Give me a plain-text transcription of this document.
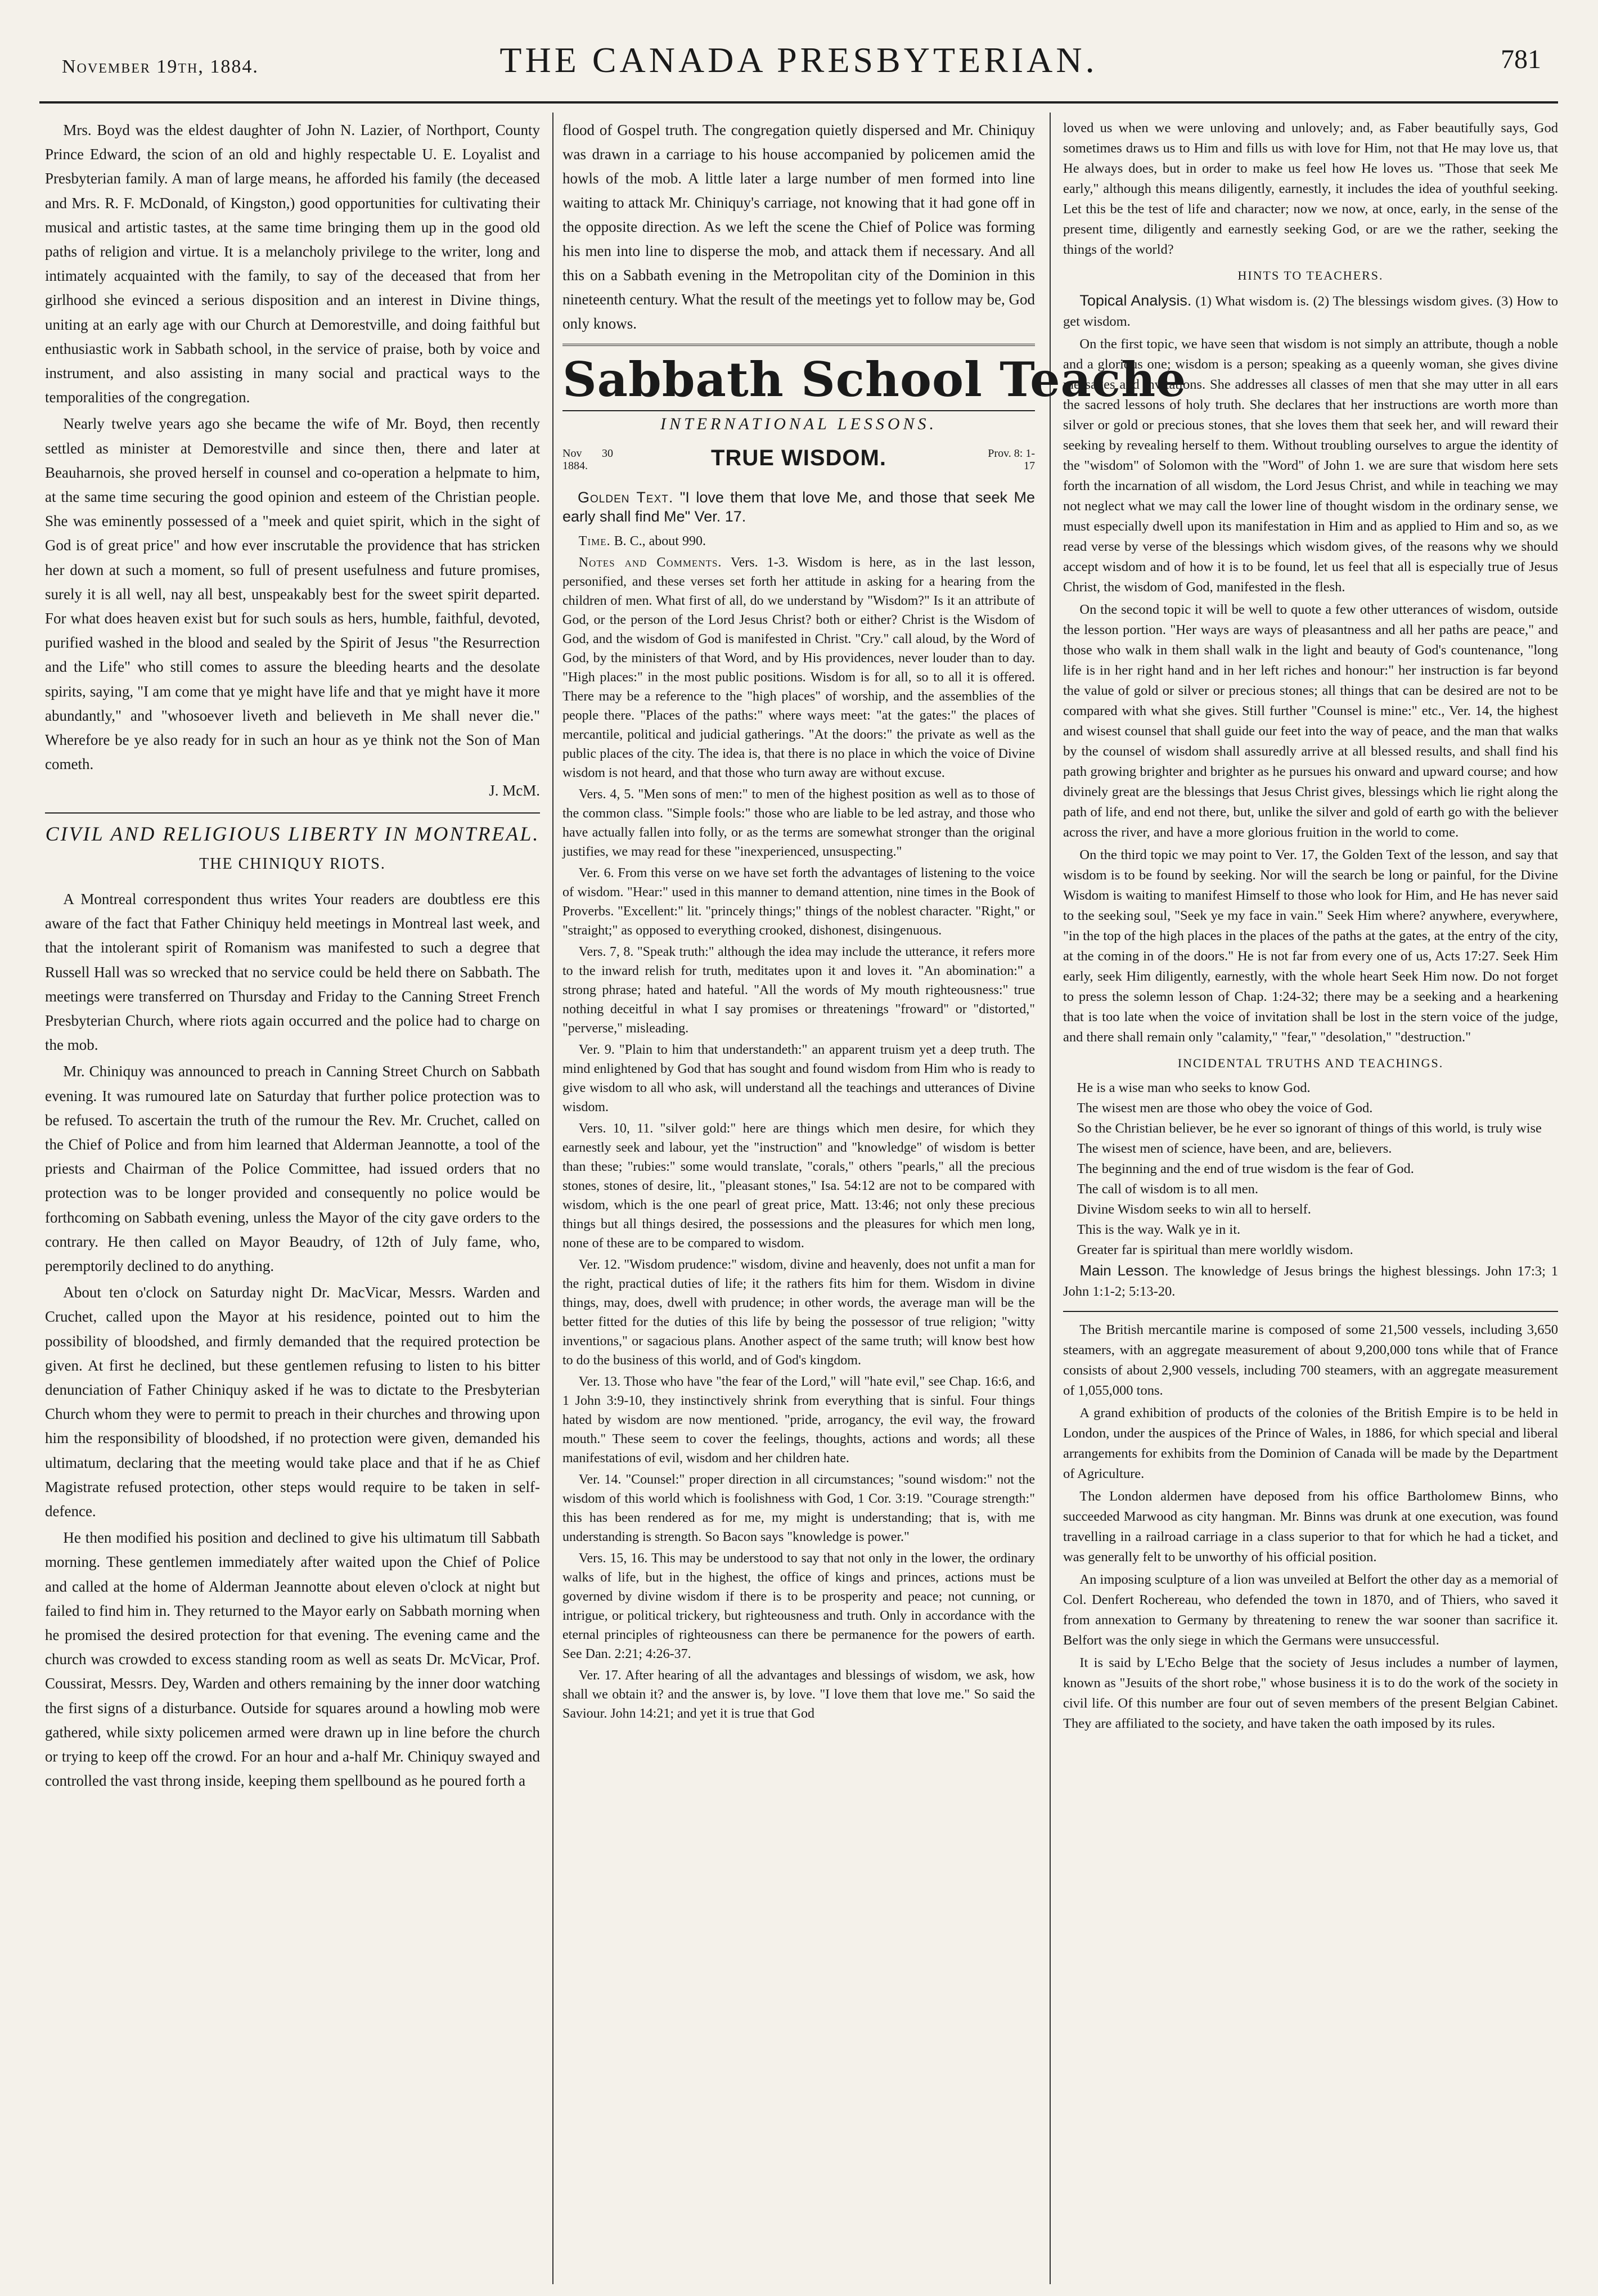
November 19th, 1884.	THE CANADA PRESBYTERIAN.	781

Mrs. Boyd was the eldest daughter of John N. Lazier, of Northport, County Prince Edward, the scion of an old and highly respectable U. E. Loyalist and Presbyterian family. A man of large means, he afforded his family (the deceased and Mrs. R. F. McDonald, of Kingston,) good opportunities for cultivating their musical and artistic tastes, at the same time bringing them up in the good old paths of religion and virtue. It is a melancholy privilege to the writer, long and intimately acquainted with the family, to say of the deceased that from her girlhood she evinced a serious disposition and an interest in Divine things, uniting at an early age with our Church at Demorestville, and doing faithful but enthusiastic work in Sabbath school, in the service of praise, both by voice and instrument, and also assisting in many social and practical ways to the temporalities of the congregation.

Nearly twelve years ago she became the wife of Mr. Boyd, then recently settled as minister at Demorestville and since then, there and later at Beauharnois, she proved herself in counsel and co-operation a helpmate to him, at the same time securing the good opinion and esteem of the Christian people. She was eminently possessed of a "meek and quiet spirit, which in the sight of God is of great price" and how ever inscrutable the providence that has stricken her down at such a moment, so full of present usefulness and future promises, surely it is all well, nay all best, unspeakably best for the sweet spirit departed. For what does heaven exist but for such souls as hers, humble, faithful, devoted, purified washed in the blood and sealed by the Spirit of Jesus "the Resurrection and the Life" who still comes to assure the bleeding hearts and the desolate spirits, saying, "I am come that ye might have life and that ye might have it more abundantly," and "whosoever liveth and believeth in Me shall never die." Wherefore be ye also ready for in such an hour as ye think not the Son of Man cometh.

J. McM.

CIVIL AND RELIGIOUS LIBERTY IN MONTREAL.

THE CHINIQUY RIOTS.

A Montreal correspondent thus writes Your readers are doubtless ere this aware of the fact that Father Chiniquy held meetings in Montreal last week, and that the intolerant spirit of Romanism was manifested to such a degree that Russell Hall was so wrecked that no service could be held there on Sabbath. The meetings were transferred on Thursday and Friday to the Canning Street French Presbyterian Church, where riots again occurred and the police had to charge on the mob.

Mr. Chiniquy was announced to preach in Canning Street Church on Sabbath evening. It was rumoured late on Saturday that further police protection was to be refused. To ascertain the truth of the rumour the Rev. Mr. Cruchet, called on the Chief of Police and from him learned that Alderman Jeannotte, a tool of the priests and Chairman of the Police Committee, had issued orders that no protection was to be longer provided and consequently no police would be forthcoming on Sabbath evening, unless the Mayor of the city gave orders to the contrary. He then called on Mayor Beaudry, of 12th of July fame, who, peremptorily declined to do anything.

About ten o'clock on Saturday night Dr. MacVicar, Messrs. Warden and Cruchet, called upon the Mayor at his residence, pointed out to him the possibility of bloodshed, and firmly demanded that the required protection be given. At first he declined, but these gentlemen refusing to listen to his bitter denunciation of Father Chiniquy asked if he was to dictate to the Presbyterian Church whom they were to permit to preach in their churches and throwing upon him the responsibility of bloodshed, if no protection were given, demanded his ultimatum, declaring that the meeting would take place and that if he as Chief Magistrate refused protection, other steps would require to be taken in self-defence.

He then modified his position and declined to give his ultimatum till Sabbath morning. These gentlemen immediately after waited upon the Chief of Police and called at the home of Alderman Jeannotte about eleven o'clock at night but failed to find him in. They returned to the Mayor early on Sabbath morning when he promised the desired protection for that evening. The evening came and the church was crowded to excess standing room as well as seats Dr. McVicar, Prof. Coussirat, Messrs. Dey, Warden and others remaining by the inner door watching the first signs of a disturbance. Outside for squares around a howling mob were gathered, while sixty policemen armed were drawn up in line before the church or trying to keep off the crowd. For an hour and a-half Mr. Chiniquy swayed and controlled the vast throng inside, keeping them spellbound as he poured forth a

flood of Gospel truth. The congregation quietly dispersed and Mr. Chiniquy was drawn in a carriage to his house accompanied by policemen amid the howls of the mob. A little later a large number of men formed into line waiting to attack Mr. Chiniquy's carriage, not knowing that it had gone off in the opposite direction. As we left the scene the Chief of Police was forming his men into line to disperse the mob, and attack them if necessary. And all this on a Sabbath evening in the Metropolitan city of the Dominion in this nineteenth century. What the result of the meetings yet to follow may be, God only knows.

Sabbath School Teache

INTERNATIONAL LESSONS.

Nov 30 1884.	TRUE WISDOM.	Prov. 8: 1-17

Golden Text. "I love them that love Me, and those that seek Me early shall find Me" Ver. 17.

Time. B. C., about 990.

Notes and Comments. Vers. 1-3. Wisdom is here, as in the last lesson, personified, and these verses set forth her attitude in asking for a hearing from the children of men. What first of all, do we understand by "Wisdom?" Is it an attribute of God, or the person of the Lord Jesus Christ? both or either? Christ is the Wisdom of God, and the wisdom of God is manifested in Christ. "Cry." call aloud, by the Word of God, by the ministers of that Word, and by His providences, never louder than to day. "High places:" in the most public positions. Wisdom is for all, so to all it is offered. There may be a reference to the "high places" of worship, and the assemblies of the people there. "Places of the paths:" where ways meet: "at the gates:" the places of mercantile, political and judicial gatherings. "At the doors:" the private as well as the public places of the city. The idea is, that there is no place in which the voice of Divine wisdom is not heard, and that those who turn away are without excuse.

Vers. 4, 5. "Men sons of men:" to men of the highest position as well as to those of the common class. "Simple fools:" those who are liable to be led astray, and those who have actually fallen into folly, or as the terms are somewhat stronger than the original justifies, we may read for these "inexperienced, unsuspecting."

Ver. 6. From this verse on we have set forth the advantages of listening to the voice of wisdom. "Hear:" used in this manner to demand attention, nine times in the Book of Proverbs. "Excellent:" lit. "princely things;" things of the noblest character. "Right," or "straight;" as opposed to everything crooked, dishonest, disingenuous.

Vers. 7, 8. "Speak truth:" although the idea may include the utterance, it refers more to the inward relish for truth, meditates upon it and loves it. "An abomination:" a strong phrase; hated and hateful. "All the words of My mouth righteousness:" true nothing deceitful in what I say promises or threatenings "froward" or "distorted," "perverse," misleading.

Ver. 9. "Plain to him that understandeth:" an apparent truism yet a deep truth. The mind enlightened by God that has sought and found wisdom from Him who is ready to give wisdom to all who ask, will understand all the teachings and utterances of Divine wisdom.

Vers. 10, 11. "silver gold:" here are things which men desire, for which they earnestly seek and labour, yet the "instruction" and "knowledge" of wisdom is better than these; "rubies:" some would translate, "corals," others "pearls," all the precious stones, stones of desire, lit., "pleasant stones," Isa. 54:12 are not to be compared with wisdom, which is the one pearl of great price, Matt. 13:46; not only these precious things but all things desired, the possessions and the pleasures for which men long, none of these are to be compared to wisdom.

Ver. 12. "Wisdom prudence:" wisdom, divine and heavenly, does not unfit a man for the right, practical duties of life; it the rathers fits him for them. Wisdom in divine things, may, does, dwell with prudence; in other words, the average man will be the better fitted for the duties of this life by being the possessor of true religion; "witty inventions," or sagacious plans. Another aspect of the same truth; will know best how to do the business of this world, and of God's kingdom.

Ver. 13. Those who have "the fear of the Lord," will "hate evil," see Chap. 16:6, and 1 John 3:9-10, they instinctively shrink from everything that is sinful. Four things hated by wisdom are now mentioned. "pride, arrogancy, the evil way, the froward mouth." These seem to cover the feelings, thoughts, actions and words; all these manifestations of evil, wisdom and her children hate.

Ver. 14. "Counsel:" proper direction in all circumstances; "sound wisdom:" not the wisdom of this world which is foolishness with God, 1 Cor. 3:19. "Courage strength:" this has been rendered as for me, my might is understanding; that is, with me understanding is strength. So Bacon says "knowledge is power."

Vers. 15, 16. This may be understood to say that not only in the lower, the ordinary walks of life, but in the highest, the office of kings and princes, actions must be governed by divine wisdom if there is to be prosperity and peace; not cunning, or intrigue, or political trickery, but righteousness and truth. Only in accordance with the eternal principles of righteousness can there be permanence for the powers of earth. See Dan. 2:21; 4:26-37.

Ver. 17. After hearing of all the advantages and blessings of wisdom, we ask, how shall we obtain it? and the answer is, by love. "I love them that love me." So said the Saviour. John 14:21; and yet it is true that God

loved us when we were unloving and unlovely; and, as Faber beautifully says, God sometimes draws us to Him and fills us with love for Him, not that He may love us, that He always does, but in order to make us feel how He loves us. "Those that seek Me early," although this means diligently, earnestly, it includes the idea of youthful seeking. Let this be the test of life and character; now we now, at once, early, in the sense of the present time, diligently and earnestly seeking God, or are we the rather, seeking the things of the world?

HINTS TO TEACHERS.

Topical Analysis. (1) What wisdom is. (2) The blessings wisdom gives. (3) How to get wisdom.

On the first topic, we have seen that wisdom is not simply an attribute, though a noble and a glorious one; wisdom is a person; speaking as a queenly woman, she gives divine messages and invitations. She addresses all classes of men that she may utter in all ears the sacred lessons of holy truth. She declares that her instructions are worth more than silver or gold or precious stones, that she loves them that seek her, and will reward their seeking by revealing herself to them. Without troubling ourselves to argue the identity of the "wisdom" of Solomon with the "Word" of John 1. we are sure that wisdom here sets forth the incarnation of all wisdom, the Lord Jesus Christ, and while in teaching we may not neglect what we may call the lower line of thought wisdom in the ordinary sense, we must especially dwell upon its manifestation in Him and as applied to Him and so, as we read verse by verse of the blessings which wisdom gives, of the reasons why we should accept wisdom and of how it is to be found, let us feel that all is especially true of Jesus Christ, the wisdom of God, manifested in the flesh.

On the second topic it will be well to quote a few other utterances of wisdom, outside the lesson portion. "Her ways are ways of pleasantness and all her paths are peace," and those who walk in them shall walk in the light and beauty of God's countenance, "long life is in her right hand and in her left riches and honour:" her instruction is far beyond the value of gold or silver or precious stones; all things that can be desired are not to be compared with what she gives. Still further "Counsel is mine:" etc., Ver. 14, the highest and wisest counsel that shall guide our feet into the way of peace, and the man that walks by the counsel of wisdom shall assuredly arrive at all blessed results, and shall find his path growing brighter and brighter as he pursues his onward and upward course; and how divinely great are the blessings that Jesus Christ gives, blessings which lie right along the path of life, and end not there, but, unlike the silver and gold of earth go with the believer across the river, and have a more glorious fruition in the world to come.

On the third topic we may point to Ver. 17, the Golden Text of the lesson, and say that wisdom is to be found by seeking. Nor will the search be long or painful, for the Divine Wisdom is waiting to manifest Himself to those who look for Him, and He has never said to the seeking soul, "Seek ye my face in vain." Seek Him where? anywhere, everywhere, "in the top of the high places in the places of the paths at the gates, at the entry of the city, at the coming in of the doors." He is not far from every one of us, Acts 17:27. Seek Him early, seek Him diligently, earnestly, with the whole heart Seek Him now. Do not forget to press the solemn lesson of Chap. 1:24-32; there may be a seeking and a hearkening that is too late when the voice of invitation shall be lost in the stern voice of the judge, and there shall remain only "calamity," "fear," "desolation," "destruction."

INCIDENTAL TRUTHS AND TEACHINGS.

He is a wise man who seeks to know God.

The wisest men are those who obey the voice of God.

So the Christian believer, be he ever so ignorant of things of this world, is truly wise

The wisest men of science, have been, and are, believers.

The beginning and the end of true wisdom is the fear of God.

The call of wisdom is to all men.

Divine Wisdom seeks to win all to herself.

This is the way. Walk ye in it.

Greater far is spiritual than mere worldly wisdom.

Main Lesson. The knowledge of Jesus brings the highest blessings. John 17:3; 1 John 1:1-2; 5:13-20.

The British mercantile marine is composed of some 21,500 vessels, including 3,650 steamers, with an aggregate measurement of about 9,200,000 tons while that of France consists of about 2,900 vessels, including 700 steamers, with an aggregate measurement of 1,055,000 tons.

A grand exhibition of products of the colonies of the British Empire is to be held in London, under the auspices of the Prince of Wales, in 1886, for which special and liberal arrangements for exhibits from the Dominion of Canada will be made by the Department of Agriculture.

The London aldermen have deposed from his office Bartholomew Binns, who succeeded Marwood as city hangman. Mr. Binns was drunk at one execution, was found travelling in a railroad carriage in a class superior to that for which he had a ticket, and was generally felt to be unworthy of his official position.

An imposing sculpture of a lion was unveiled at Belfort the other day as a memorial of Col. Denfert Rochereau, who defended the town in 1870, and of Thiers, who saved it from annexation to Germany by threatening to renew the war sooner than sacrifice it. Belfort was the only siege in which the Germans were unsuccessful.

It is said by L'Echo Belge that the society of Jesus includes a number of laymen, known as "Jesuits of the short robe," whose business it is to do the work of the society in civil life. Of this number are four out of seven members of the present Belgian Cabinet. They are affiliated to the society, and have taken the oath imposed by its rules.
